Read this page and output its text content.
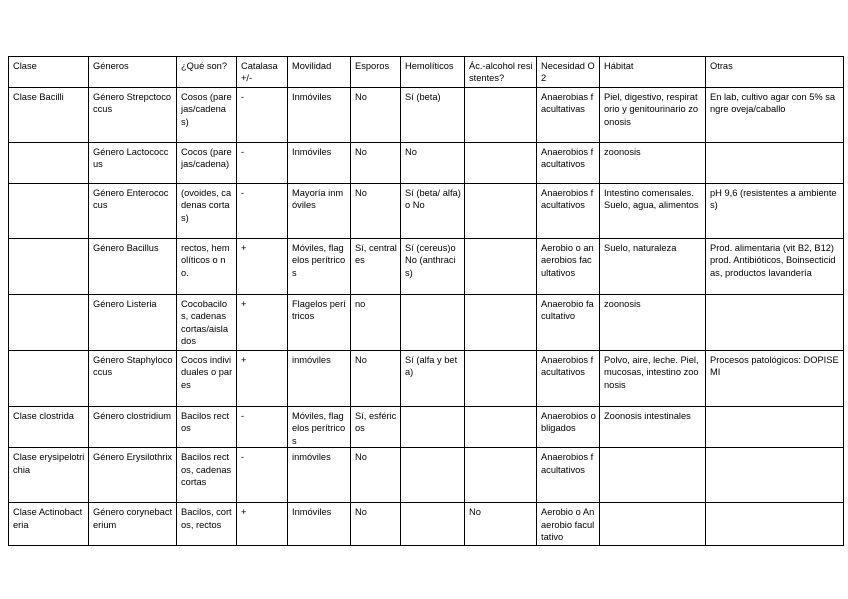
Clase	Géneros	¿Qué son?	Catalasa +/-	Movilidad	Esporos	Hemolíticos	Ác.-alcohol resistentes?	Necesidad O2	Hábitat	Otras
Clase Bacilli	Género Strepctococcus	Cosos (parejas/cadenas)	-	Inmóviles	No	Sí (beta)		Anaerobias facultativas	Piel, digestivo, respiratorio y genitourinario zoonosis	En lab, cultivo agar con 5% sangre oveja/caballo
	Género Lactococcus	Cocos (parejas/cadena)	-	Inmóviles	No	No		Anaerobios facultativos	zoonosis	
	Género Enterococcus	(ovoides, cadenas cortas)	-	Mayoría inmóviles	No	Sí (beta/ alfa) o No		Anaerobios facultativos	Intestino comensales. Suelo, agua, alimentos	pH 9,6 (resistentes a ambientes)
	Género Bacillus	rectos, hemolíticos o no.	+	Móviles, flagelos perítricos	Sí, centrales	Sí (cereus)o No (anthracis)		Aerobio o anaerobios facultativos	Suelo, naturaleza	Prod. alimentaria (vit B2, B12) prod. Antibióticos, Boinsecticidas, productos lavandería
	Género Listeria	Cocobacilos, cadenas cortas/aislados	+	Flagelos perítricos	no			Anaerobio facultativo	zoonosis	
	Género Staphylococcus	Cocos individuales o pares	+	inmóviles	No	Sí (alfa y beta)		Anaerobios facultativos	Polvo, aire, leche. Piel, mucosas, intestino zoonosis	Procesos patológicos: DOPISEMI
Clase clostrida	Género clostridium	Bacilos rectos	-	Móviles, flagelos perítricos	Sí, esféricos			Anaerobios obligados	Zoonosis intestinales	
Clase erysipelotrichia	Género Erysilothrix	Bacilos rectos, cadenas cortas	-	inmóviles	No			Anaerobios facultativos		
Clase Actinobacteria	Género corynebacterium	Bacilos, cortos, rectos	+	Inmóviles	No		No	Aerobio o Anaerobio facultativo		
